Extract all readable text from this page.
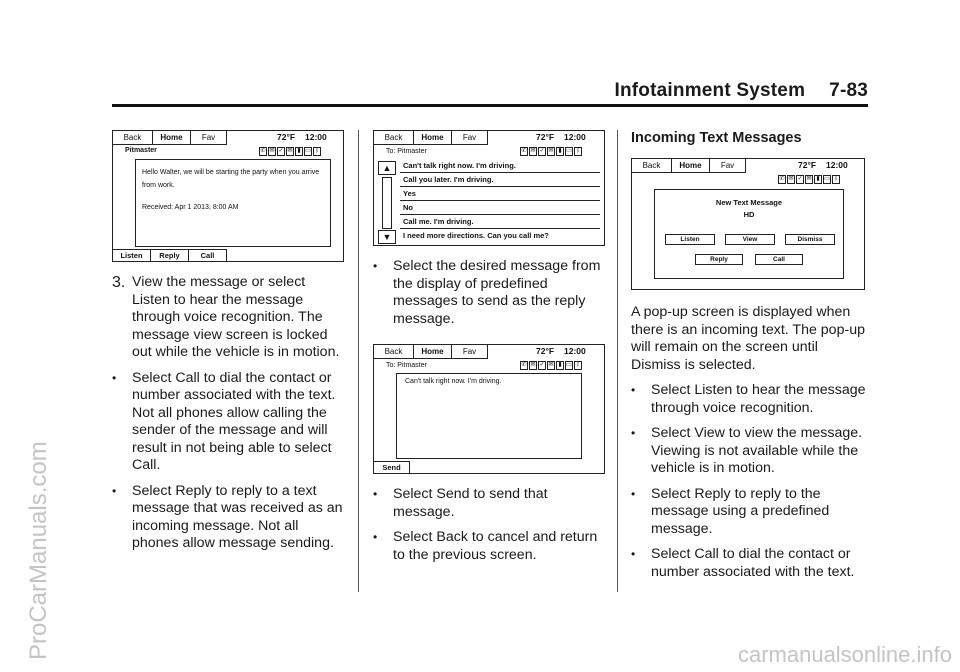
ProCarManuals.com	carmanualsonline.info
Infotainment System 7-83
Back	Home	Fav	72°F 12:00
Pitmaster	✆ ✉ ✓ ✉ ▮ ▭ ᛒ
Hello Walter, we will be starting the party when you arrive from work.
Received: Apr 1 2013, 8:00 AM
Listen	Reply	Call
3. View the message or select Listen to hear the message through voice recognition. The message view screen is locked out while the vehicle is in motion.

•	Select Call to dial the contact or number associated with the text. Not all phones allow calling the sender of the message and will result in not being able to select Call.

•	Select Reply to reply to a text message that was received as an incoming message. Not all phones allow message sending.

Back	Home	Fav	72°F 12:00
To: Pitmaster	✆ ✉ ✓ ✉ ▮ ▭ ᛒ
▲
▼
Can't talk right now. I'm driving.
Call you later. I'm driving.
Yes
No
Call me. I'm driving.
I need more directions. Can you call me?
•	Select the desired message from the display of predefined messages to send as the reply message.

Back	Home	Fav	72°F 12:00
To: Pitmaster	✆ ✉ ✓ ✉ ▮ ▭ ᛒ
Can't talk right now. I'm driving.
Send
•	Select Send to send that message.

•	Select Back to cancel and return to the previous screen.

Incoming Text Messages
Back	Home	Fav	72°F 12:00
✆ ✉ ✓ ✉ ▮ ▭ ᛒ
New Text Message
HD
Listen	View	Dismiss
Reply	Call

A pop-up screen is displayed when there is an incoming text. The pop-up will remain on the screen until Dismiss is selected.

•	Select Listen to hear the message through voice recognition.

•	Select View to view the message. Viewing is not available while the vehicle is in motion.

•	Select Reply to reply to the message using a predefined message.

•	Select Call to dial the contact or number associated with the text.
